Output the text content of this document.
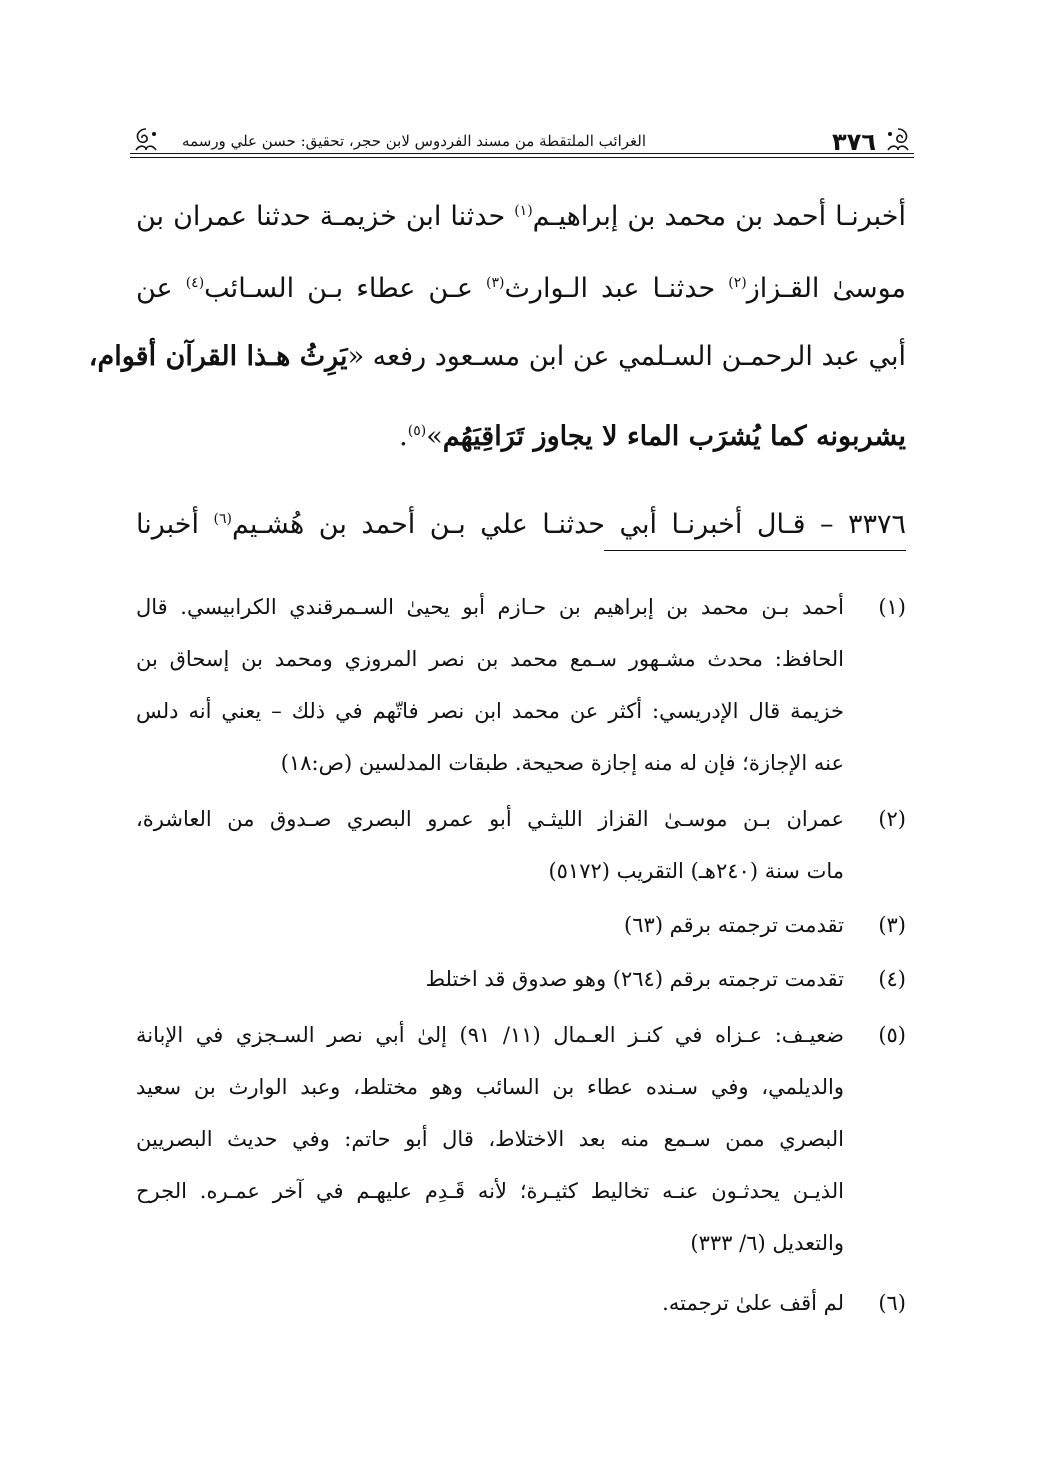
٣٧٦
الغرائب الملتقطة من مسند الفردوس لابن حجر، تحقيق: حسن علي ورسمه
أخبرنـا أحمد بن محمد بن إبراهيـم$^{(١)}$ حدثنا ابن خزيمـة حدثنا عمران بن
موسىٰ القـزاز$^{(٢)}$ حدثنـا عبد الـوارث$^{(٣)}$ عـن عطاء بـن السـائب$^{(٤)}$ عن
أبي عبد الرحمـن السـلمي عن ابن مسـعود رفعه «يَرِثُ هـذا القرآن أقوام،
يشربونه كما يُشرَب الماء لا يجاوز تَرَاقِيَهُم»$^{(٥)}$.
٣٣٧٦ – قـال أخبرنـا أبي حدثنـا علي بـن أحمد بن هُشـيم$^{(٦)}$ أخبرنا
(١)
أحمد بـن محمد بن إبراهيم بن حـازم أبو يحيىٰ السـمرقندي الكرابيسي. قال
الحافظ: محدث مشـهور سـمع محمد بن نصر المروزي ومحمد بن إسحاق بن
خزيمة قال الإدريسي: أكثر عن محمد ابن نصر فاتّهم في ذلك – يعني أنه دلس
عنه الإجازة؛ فإن له منه إجازة صحيحة. طبقات المدلسين (ص:١٨)
(٢)
عمران بـن موسـىٰ القزاز الليثـي أبو عمرو البصري صـدوق من العاشرة،
مات سنة (٢٤٠هـ) التقريب (٥١٧٢)
(٣)
تقدمت ترجمته برقم (٦٣)
(٤)
تقدمت ترجمته برقم (٢٦٤) وهو صدوق قد اختلط
(٥)
ضعيـف: عـزاه في كنـز العـمال (١١/ ٩١) إلىٰ أبي نصر السـجزي في الإبانة
والديلمي، وفي سـنده عطاء بن السائب وهو مختلط، وعبد الوارث بن سعيد
البصري ممن سـمع منه بعد الاختلاط، قال أبو حاتم: وفي حديث البصريين
الذيـن يحدثـون عنـه تخاليط كثيـرة؛ لأنه قَـدِم عليهـم في آخر عمـره. الجرح
والتعديل (٦/ ٣٣٣)
(٦)
لم أقف علىٰ ترجمته.
